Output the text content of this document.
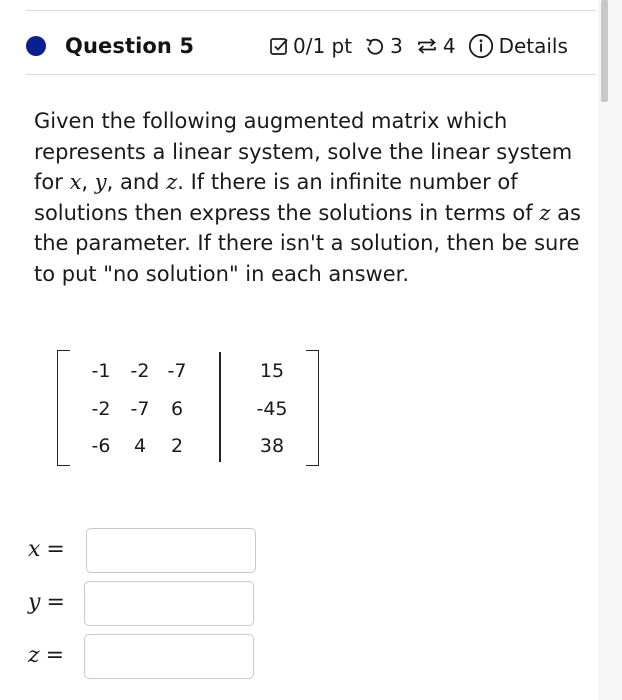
Question 5	0/1 pt 3 4 Details
Given the following augmented matrix which represents a linear system, solve the linear system for x, y, and z. If there is an infinite number of solutions then express the solutions in terms of z as the parameter. If there isn't a solution, then be sure to put "no solution" in each answer.
-1	-2 -7	15
-2	-7	6	-45
-6	4	2	38
x =
y =
z =
